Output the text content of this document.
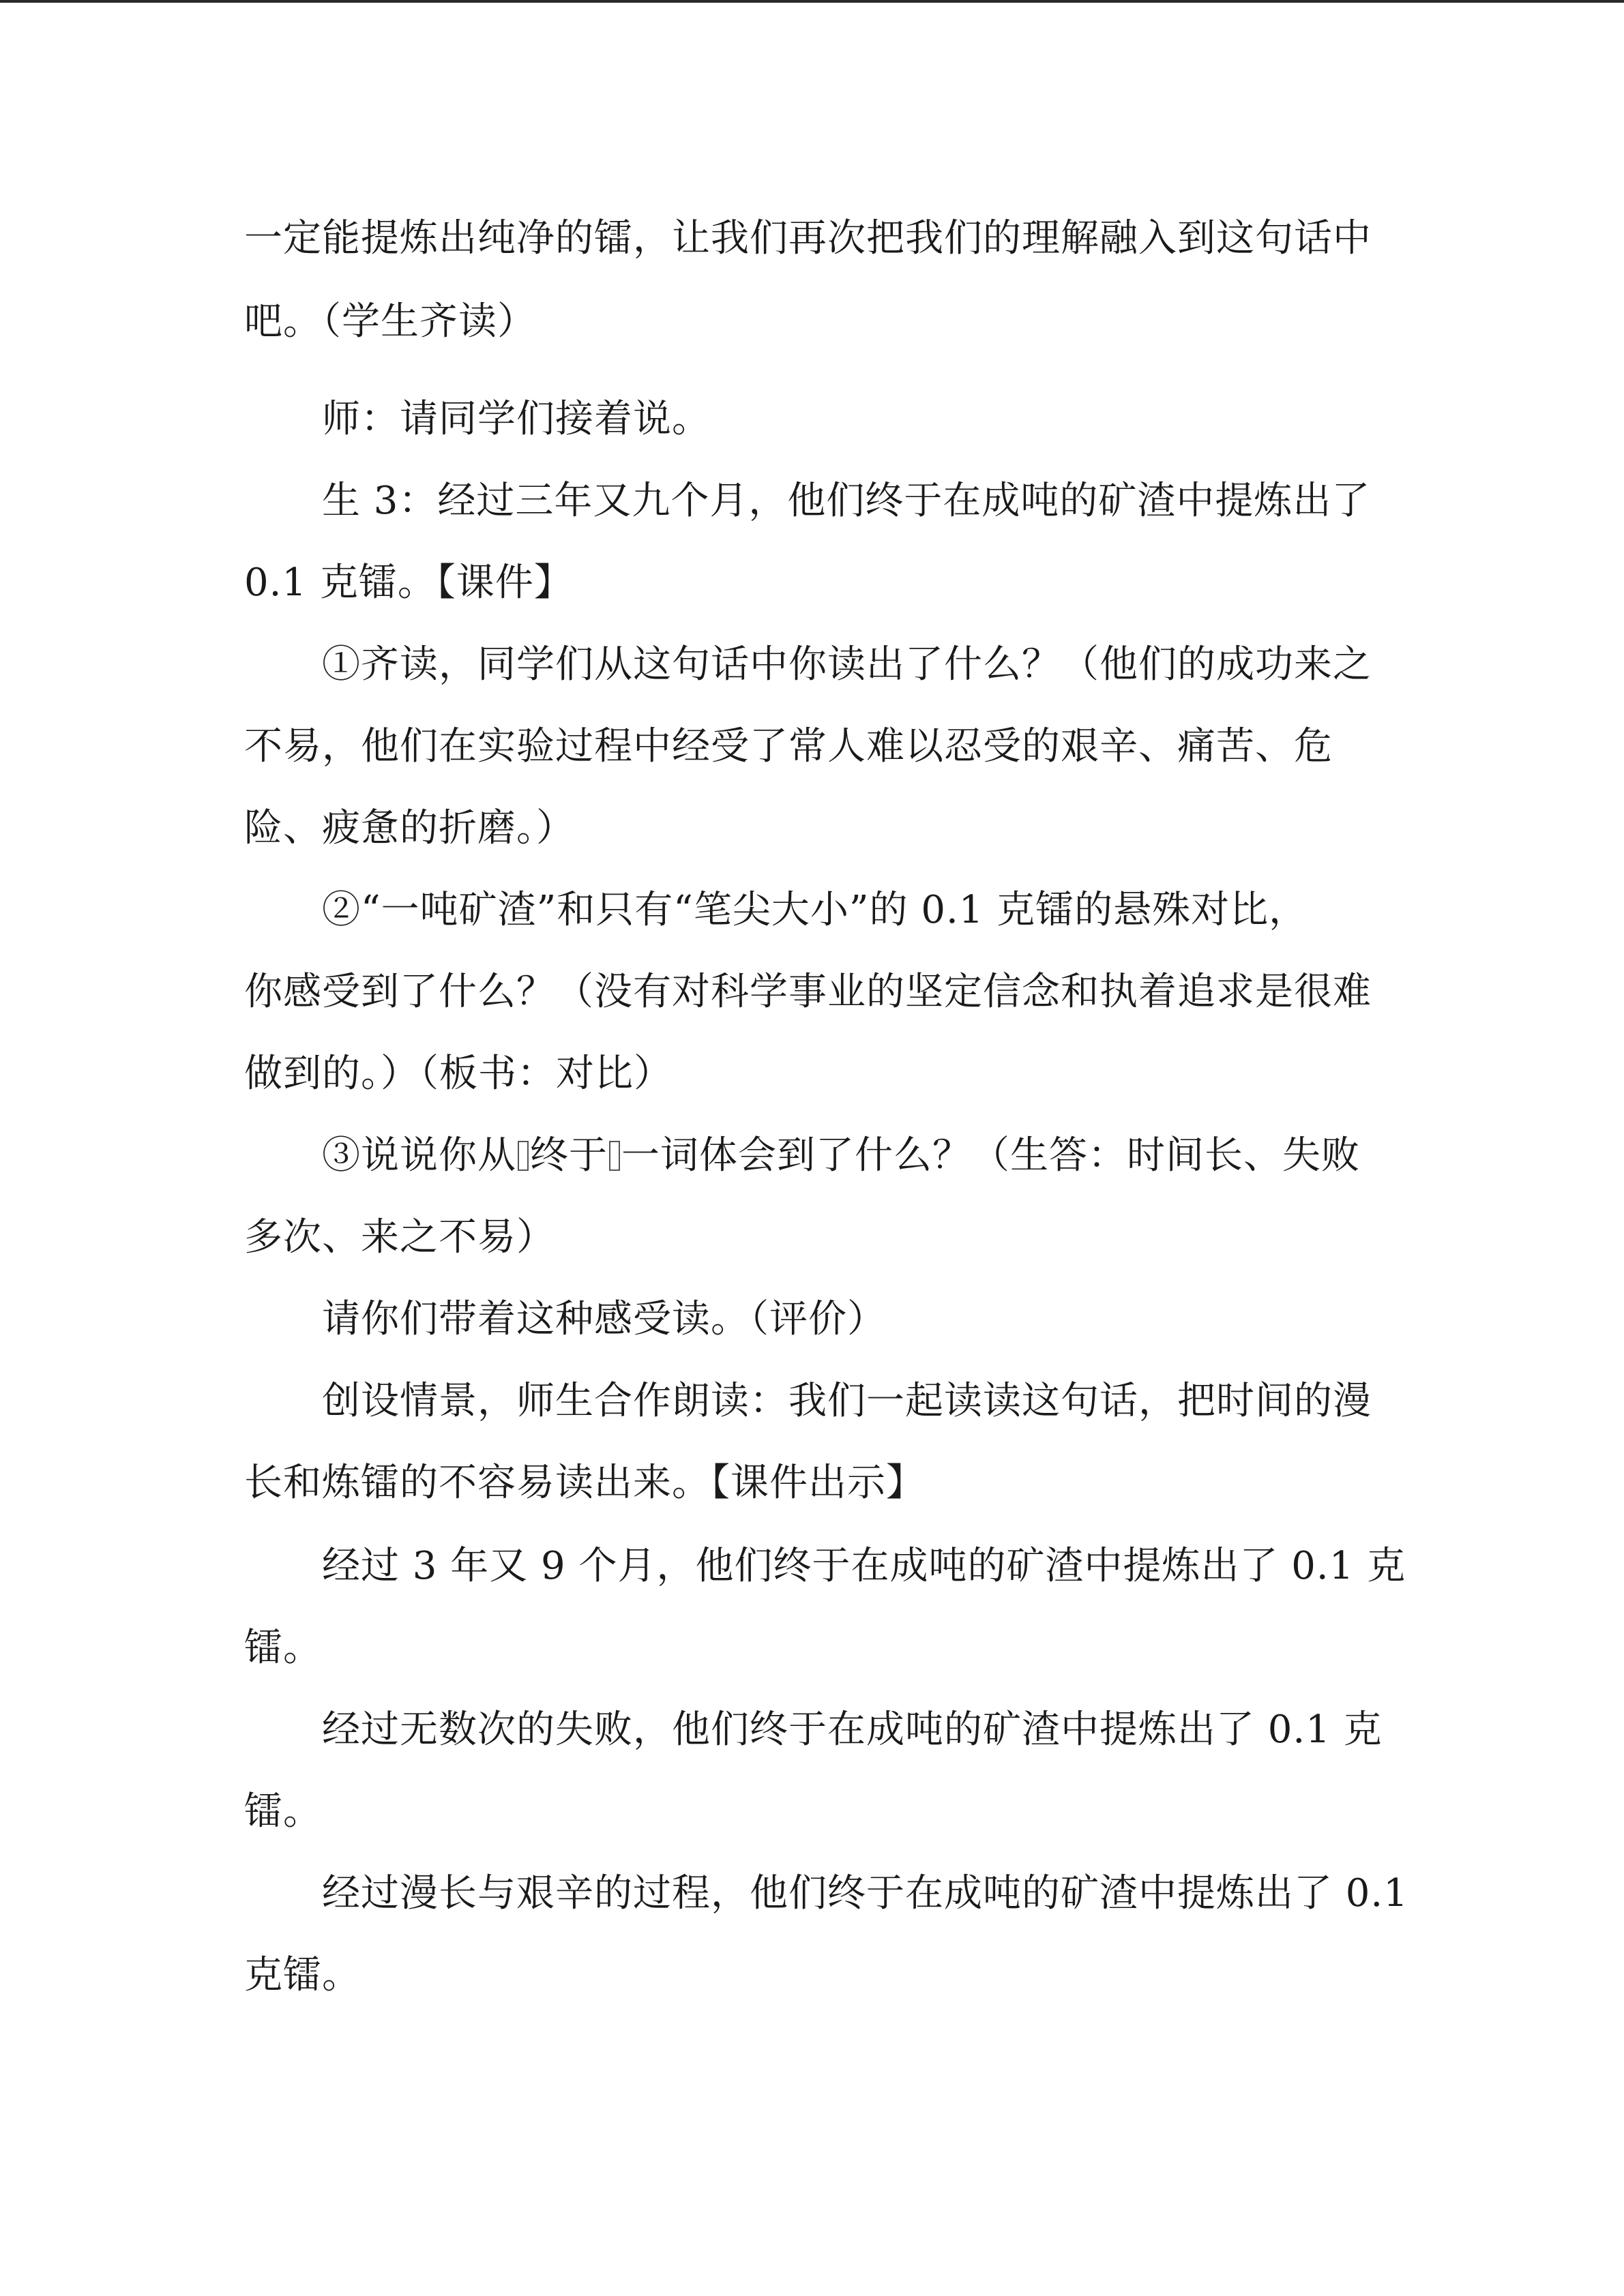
一定能提炼出纯净的镭，让我们再次把我们的理解融入到这句话中
吧。（学生齐读）
师：请同学们接着说。
生 3：经过三年又九个月，他们终于在成吨的矿渣中提炼出了
0.1 克镭。【课件】
①齐读，同学们从这句话中你读出了什么？（他们的成功来之
不易，他们在实验过程中经受了常人难以忍受的艰辛、痛苦、危
险、疲惫的折磨。）
②“一吨矿渣”和只有“笔尖大小”的 0.1 克镭的悬殊对比，
你感受到了什么？（没有对科学事业的坚定信念和执着追求是很难
做到的。）（板书：对比）
③说说你从 终于 一词体会到了什么？（生答：时间长、失败
多次、来之不易）
请你们带着这种感受读。（评价）
创设情景，师生合作朗读：我们一起读读这句话，把时间的漫
长和炼镭的不容易读出来。【课件出示】
经过 3 年又 9 个月，他们终于在成吨的矿渣中提炼出了 0.1 克
镭。
经过无数次的失败，他们终于在成吨的矿渣中提炼出了 0.1 克
镭。
经过漫长与艰辛的过程，他们终于在成吨的矿渣中提炼出了 0.1
克镭。
